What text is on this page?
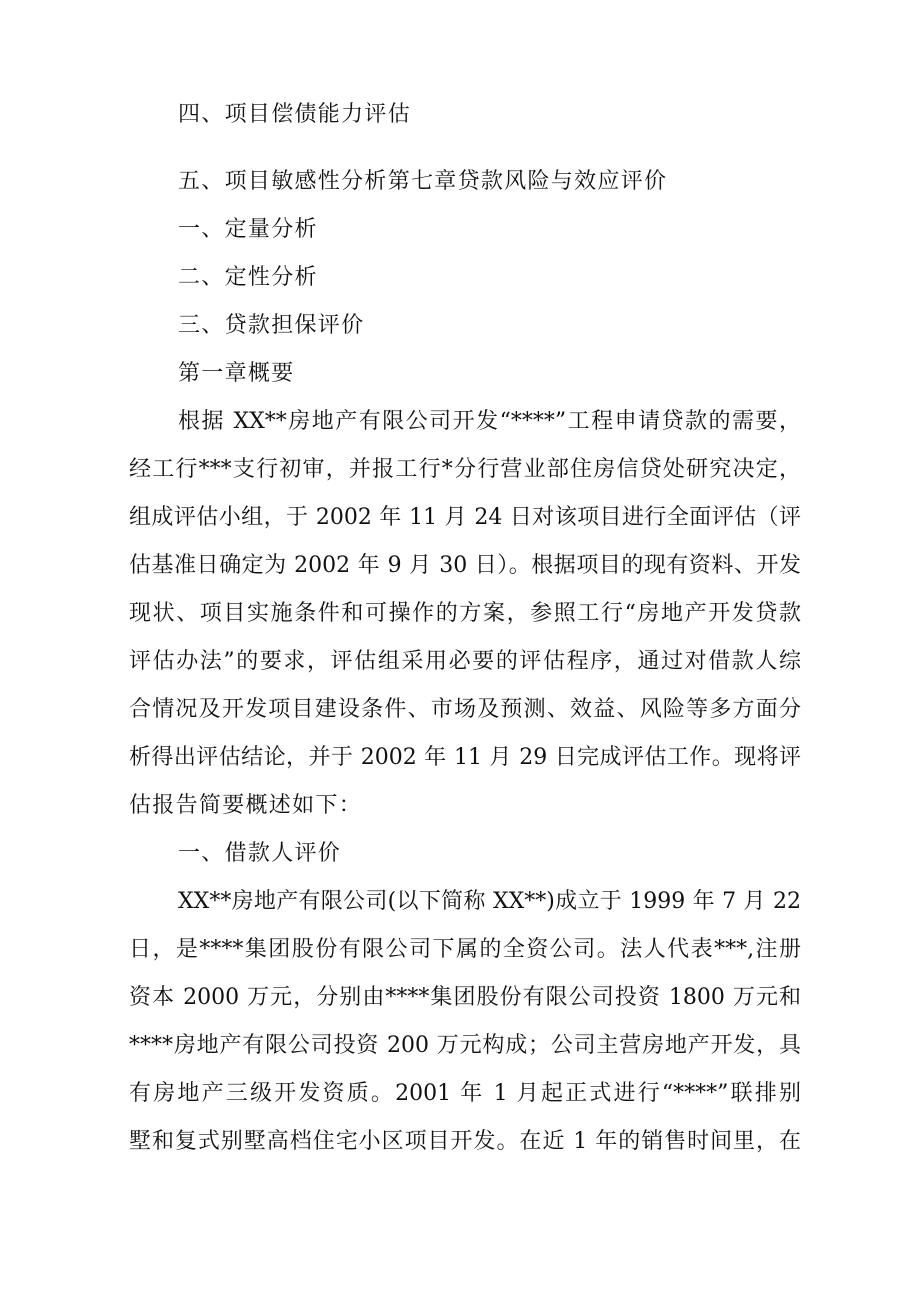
四、项目偿债能力评估
五、项目敏感性分析第七章贷款风险与效应评价
一、定量分析
二、定性分析
三、贷款担保评价
第一章概要
根据 XX**房地产有限公司开发“****”工程申请贷款的需要，
经工行***支行初审，并报工行*分行营业部住房信贷处研究决定，
组成评估小组，于 2002 年 11 月 24 日对该项目进行全面评估（评
估基准日确定为 2002 年 9 月 30 日）。根据项目的现有资料、开发
现状、项目实施条件和可操作的方案，参照工行“房地产开发贷款
评估办法”的要求，评估组采用必要的评估程序，通过对借款人综
合情况及开发项目建设条件、市场及预测、效益、风险等多方面分
析得出评估结论，并于 2002 年 11 月 29 日完成评估工作。现将评
估报告简要概述如下：
一、借款人评价
XX**房地产有限公司(以下简称 XX**)成立于 1999 年 7 月 22
日，是****集团股份有限公司下属的全资公司。法人代表***,注册
资本 2000 万元，分别由****集团股份有限公司投资 1800 万元和
****房地产有限公司投资 200 万元构成；公司主营房地产开发，具
有房地产三级开发资质。2001 年 1 月起正式进行“****”联排别
墅和复式别墅高档住宅小区项目开发。在近 1 年的销售时间里，在
